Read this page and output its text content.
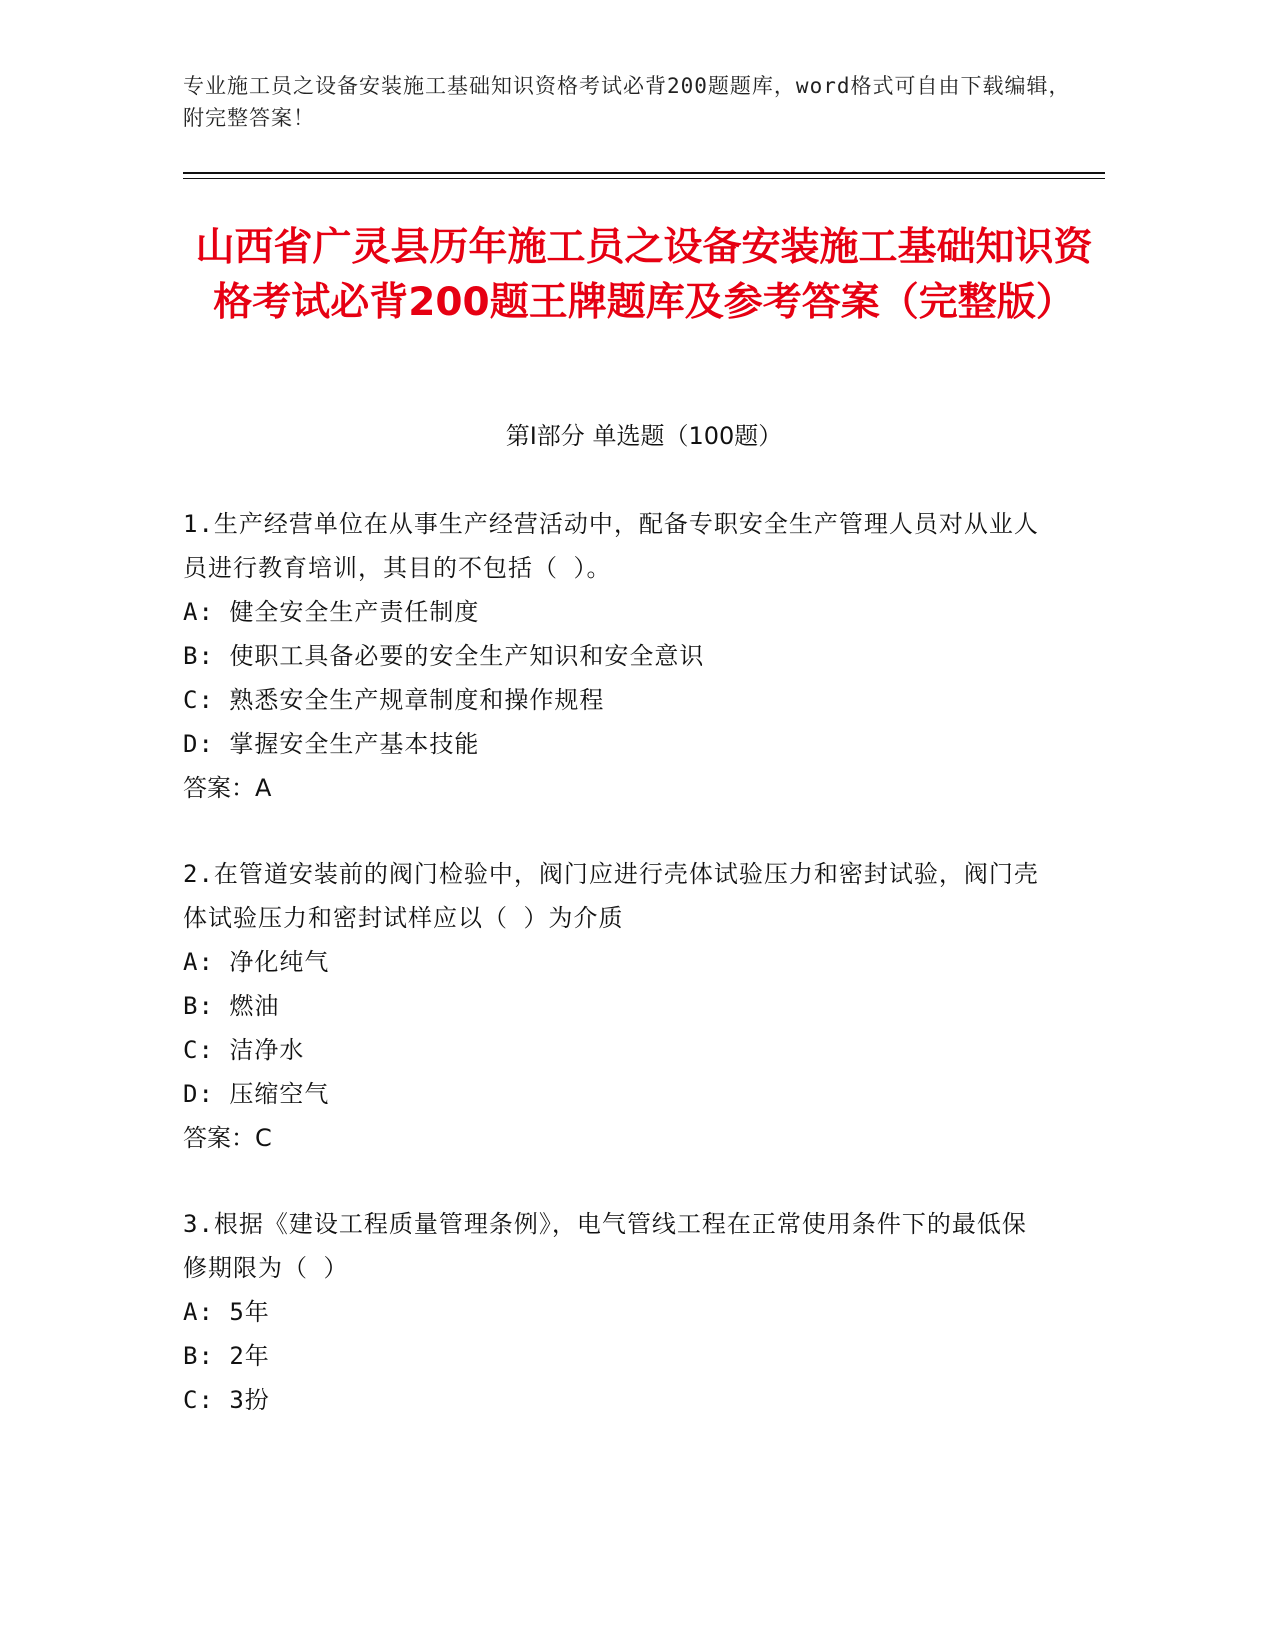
专业施工员之设备安装施工基础知识资格考试必背200题题库，word格式可自由下载编辑，附完整答案！
山西省广灵县历年施工员之设备安装施工基础知识资格考试必背200题王牌题库及参考答案（完整版）
第Ⅰ部分 单选题（100题）
1.生产经营单位在从事生产经营活动中，配备专职安全生产管理人员对从业人员进行教育培训，其目的不包括（ ）。
A: 健全安全生产责任制度
B: 使职工具备必要的安全生产知识和安全意识
C: 熟悉安全生产规章制度和操作规程
D: 掌握安全生产基本技能
答案：A
2.在管道安装前的阀门检验中，阀门应进行壳体试验压力和密封试验，阀门壳体试验压力和密封试样应以（ ）为介质
A: 净化纯气
B: 燃油
C: 洁净水
D: 压缩空气
答案：C
3.根据《建设工程质量管理条例》，电气管线工程在正常使用条件下的最低保修期限为（ ）
A: 5年
B: 2年
C: 3扮
